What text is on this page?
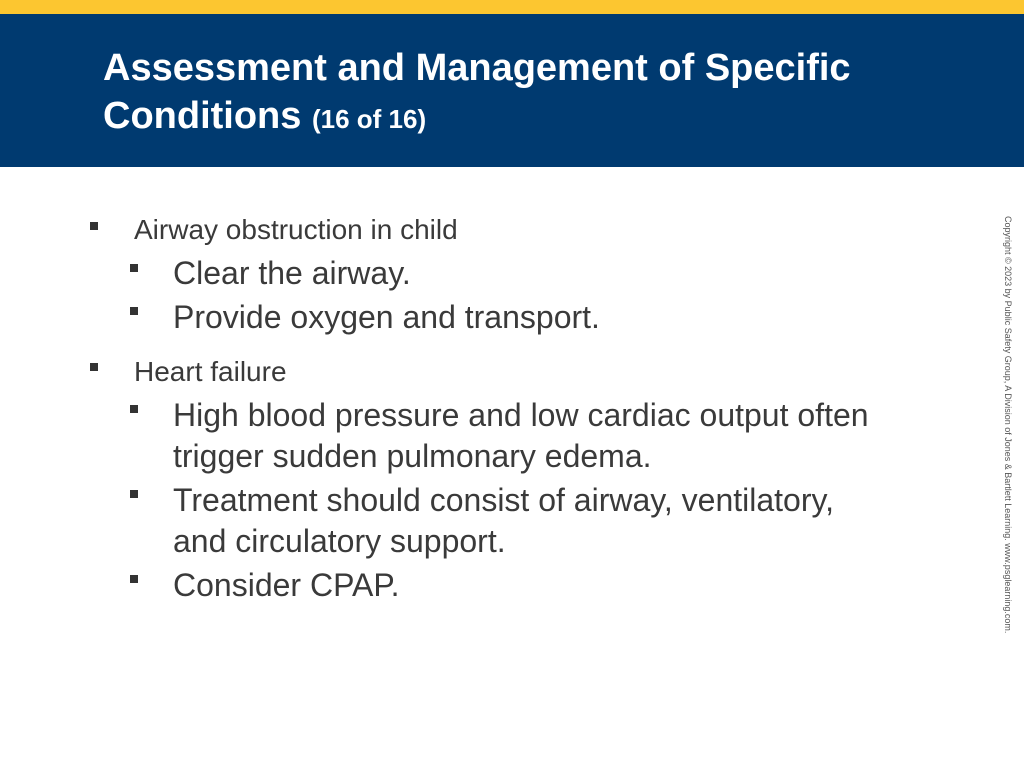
Assessment and Management of Specific Conditions (16 of 16)

Airway obstruction in child

Clear the airway.

Provide oxygen and transport.

Heart failure

High blood pressure and low cardiac output often trigger sudden pulmonary edema.

Treatment should consist of airway, ventilatory, and circulatory support.

Consider CPAP.	Copyright © 2023 by Public Safety Group, A Division of Jones & Bartlett Learning. www.psglearning.com.
